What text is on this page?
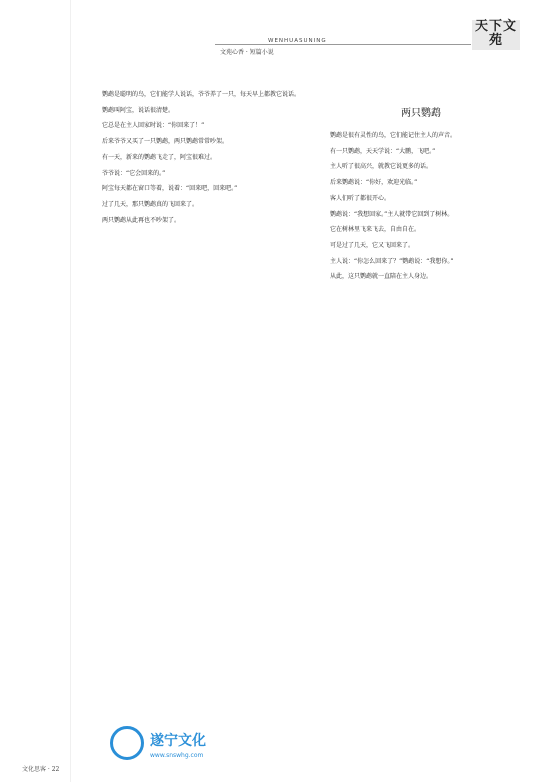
WENHUASUNING
文苑心香 · 短篇小说
天下文苑

鹦鹉是聪明的鸟，它们能学人说话，爷爷养了一只，每天早上都教它说话。

鹦鹉叫阿宝，说话很清楚。

它总是在主人回家时说：“你回来了！”

后来爷爷又买了一只鹦鹉，两只鹦鹉常常吵架。

有一天，新来的鹦鹉飞走了，阿宝很难过。

爷爷说：“它会回来的。”

阿宝每天都在窗口等着，说着：“回来吧，回来吧。”

过了几天，那只鹦鹉真的飞回来了。

两只鹦鹉从此再也不吵架了。

两只鹦鹉

鹦鹉是很有灵性的鸟，它们能记住主人的声音。

有一只鹦鹉，天天学说：“大鹏，飞吧。”

主人听了很高兴，就教它说更多的话。

后来鹦鹉说：“你好，欢迎光临。”

客人们听了都很开心。

鹦鹉说：“我想回家。”主人就带它回到了树林。

它在树林里飞来飞去，自由自在。

可是过了几天，它又飞回来了。

主人说：“你怎么回来了？”鹦鹉说：“我想你。”

从此，这只鹦鹉就一直陪在主人身边。

遂宁文化
www.snswhg.com
文化思客 · 22
